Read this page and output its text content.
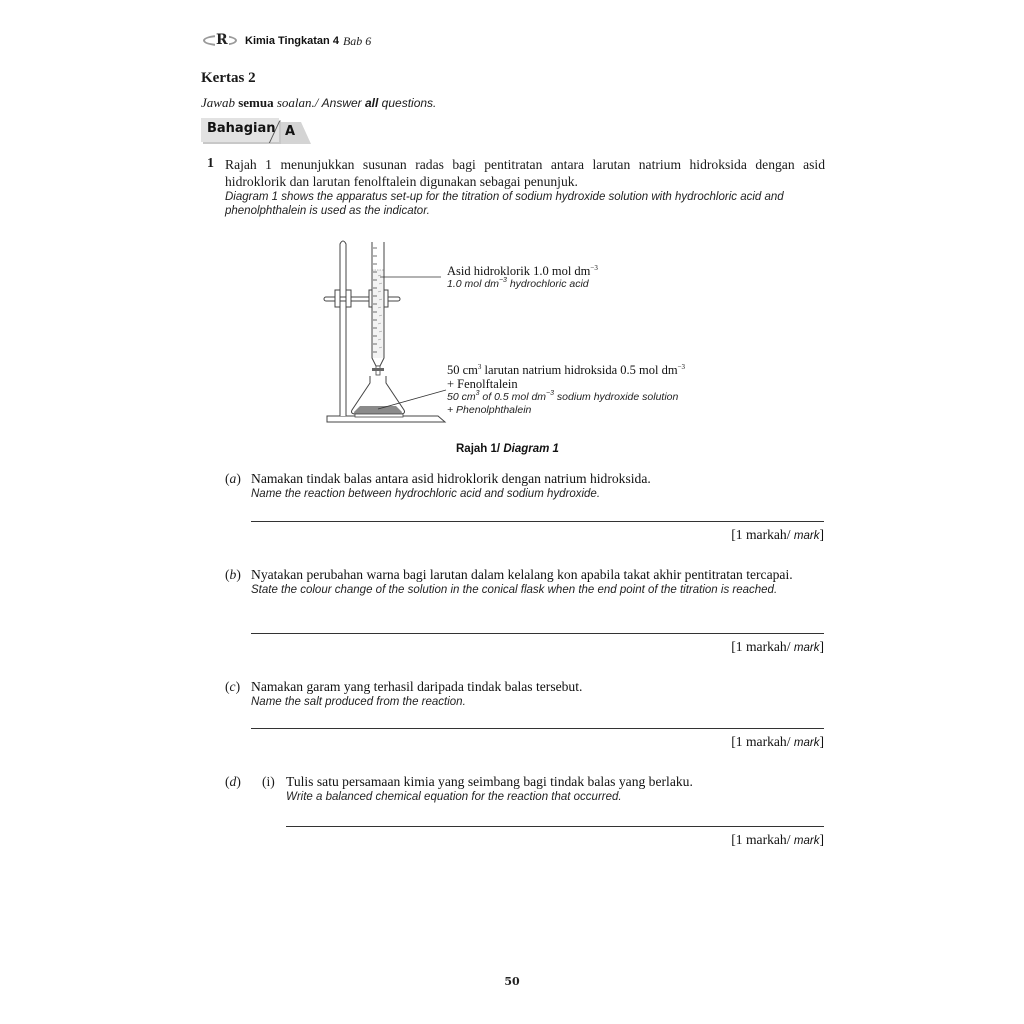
R Kimia Tingkatan 4 Bab 6
Kertas 2
Jawab semua soalan./ Answer all questions.
Bahagian A
1 Rajah 1 menunjukkan susunan radas bagi pentitratan antara larutan natrium hidroksida dengan asid hidroklorik dan larutan fenolftalein digunakan sebagai penunjuk.
Diagram 1 shows the apparatus set-up for the titration of sodium hydroxide solution with hydrochloric acid and phenolphthalein is used as the indicator.
Asid hidroklorik 1.0 mol $dm^{-3}$
1.0 mol $dm^{-3}$ hydrochloric acid
50 $cm^3$ larutan natrium hidroksida 0.5 mol $dm^{-3}$
+ Fenolftalein
50 $cm^3$ of 0.5 mol $dm^{-3}$ sodium hydroxide solution
+ Phenolphthalein
Rajah 1/ Diagram 1
(a) Namakan tindak balas antara asid hidroklorik dengan natrium hidroksida.
Name the reaction between hydrochloric acid and sodium hydroxide.
[1 markah/ mark]
(b) Nyatakan perubahan warna bagi larutan dalam kelalang kon apabila takat akhir pentitratan tercapai.
State the colour change of the solution in the conical flask when the end point of the titration is reached.
[1 markah/ mark]
(c) Namakan garam yang terhasil daripada tindak balas tersebut.
Name the salt produced from the reaction.
[1 markah/ mark]
(d) (i) Tulis satu persamaan kimia yang seimbang bagi tindak balas yang berlaku.
Write a balanced chemical equation for the reaction that occurred.
[1 markah/ mark]
50
